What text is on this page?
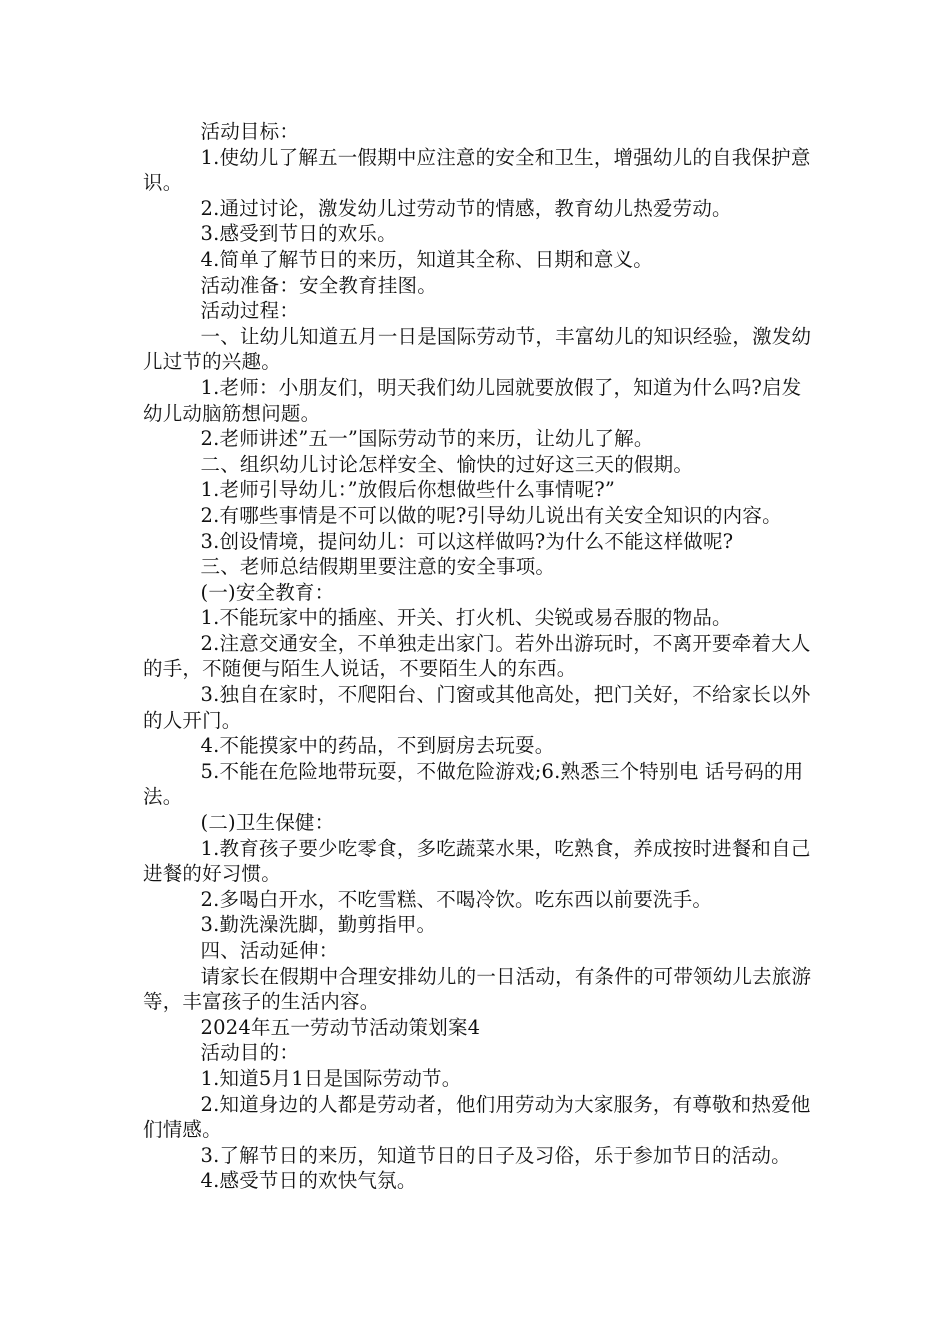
活动目标：

1.使幼儿了解五一假期中应注意的安全和卫生，增强幼儿的自我保护意识。

2.通过讨论，激发幼儿过劳动节的情感，教育幼儿热爱劳动。

3.感受到节日的欢乐。

4.简单了解节日的来历，知道其全称、日期和意义。

活动准备：安全教育挂图。

活动过程：

一、让幼儿知道五月一日是国际劳动节，丰富幼儿的知识经验，激发幼儿过节的兴趣。

1.老师：小朋友们，明天我们幼儿园就要放假了，知道为什么吗?启发幼儿动脑筋想问题。

2.老师讲述”五一”国际劳动节的来历，让幼儿了解。

二、组织幼儿讨论怎样安全、愉快的过好这三天的假期。

1.老师引导幼儿：”放假后你想做些什么事情呢?”

2.有哪些事情是不可以做的呢?引导幼儿说出有关安全知识的内容。

3.创设情境，提问幼儿：可以这样做吗?为什么不能这样做呢?

三、老师总结假期里要注意的安全事项。

(一)安全教育：

1.不能玩家中的插座、开关、打火机、尖锐或易吞服的物品。

2.注意交通安全，不单独走出家门。若外出游玩时，不离开要牵着大人的手，不随便与陌生人说话，不要陌生人的东西。

3.独自在家时，不爬阳台、门窗或其他高处，把门关好，不给家长以外的人开门。

4.不能摸家中的药品，不到厨房去玩耍。

5.不能在危险地带玩耍，不做危险游戏;6.熟悉三个特别电 话号码的用法。

(二)卫生保健：

1.教育孩子要少吃零食，多吃蔬菜水果，吃熟食，养成按时进餐和自己进餐的好习惯。

2.多喝白开水，不吃雪糕、不喝冷饮。吃东西以前要洗手。

3.勤洗澡洗脚，勤剪指甲。

四、活动延伸：

请家长在假期中合理安排幼儿的一日活动，有条件的可带领幼儿去旅游等，丰富孩子的生活内容。

2024年五一劳动节活动策划案4

活动目的：

1.知道5月1日是国际劳动节。

2.知道身边的人都是劳动者，他们用劳动为大家服务，有尊敬和热爱他们情感。

3.了解节日的来历，知道节日的日子及习俗，乐于参加节日的活动。

4.感受节日的欢快气氛。
